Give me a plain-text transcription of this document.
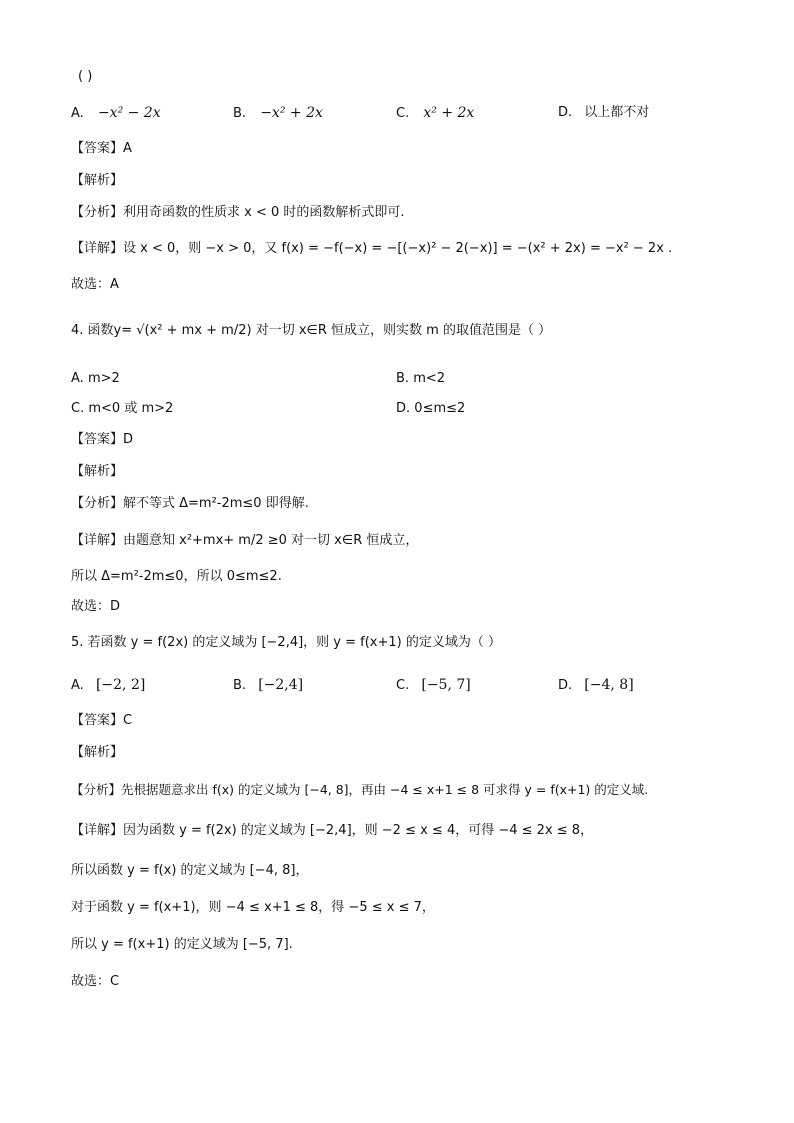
( )
A. −x² − 2x	B. −x² + 2x	C. x² + 2x	D. 以上都不对
【答案】A
【解析】
【分析】利用奇函数的性质求 x < 0 时的函数解析式即可.
【详解】设 x < 0，则 −x > 0，又 f(x) = −f(−x) = −[(−x)² − 2(−x)] = −(x² + 2x) = −x² − 2x .
故选：A
4. 函数y= √(x² + mx + m/2) 对一切 x∈R 恒成立，则实数 m 的取值范围是（ ）
A. m>2	B. m<2
C. m<0 或 m>2	D. 0≤m≤2
【答案】D
【解析】
【分析】解不等式 Δ=m²-2m≤0 即得解.
【详解】由题意知 x²+mx+ m/2 ≥0 对一切 x∈R 恒成立，
所以 Δ=m²-2m≤0，所以 0≤m≤2.
故选：D
5. 若函数 y = f(2x) 的定义域为 [−2,4]，则 y = f(x+1) 的定义域为（ ）
A. [−2, 2]	B. [−2,4]	C. [−5, 7]	D. [−4, 8]
【答案】C
【解析】
【分析】先根据题意求出 f(x) 的定义域为 [−4, 8]，再由 −4 ≤ x+1 ≤ 8 可求得 y = f(x+1) 的定义域.
【详解】因为函数 y = f(2x) 的定义域为 [−2,4]，则 −2 ≤ x ≤ 4，可得 −4 ≤ 2x ≤ 8，
所以函数 y = f(x) 的定义域为 [−4, 8]，
对于函数 y = f(x+1)，则 −4 ≤ x+1 ≤ 8，得 −5 ≤ x ≤ 7，
所以 y = f(x+1) 的定义域为 [−5, 7].
故选：C
